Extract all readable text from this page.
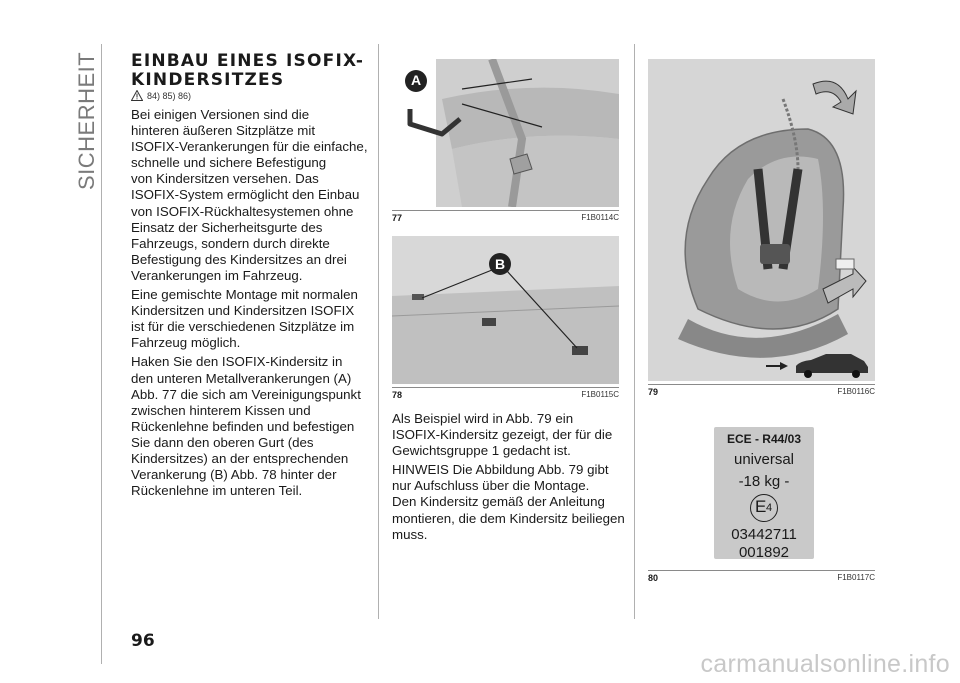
SICHERHEIT EINBAU EINES ISOFIX-
KINDERSITZES
84) 85) 86)

Bei einigen Versionen sind die
hinteren äußeren Sitzplätze mit
ISOFIX-Verankerungen für die einfache,
schnelle und sichere Befestigung
von Kindersitzen versehen. Das
ISOFIX-System ermöglicht den Einbau
von ISOFIX-Rückhaltesystemen ohne
Einsatz der Sicherheitsgurte des
Fahrzeugs, sondern durch direkte
Befestigung des Kindersitzes an drei
Verankerungen im Fahrzeug.

Eine gemischte Montage mit normalen
Kindersitzen und Kindersitzen ISOFIX
ist für die verschiedenen Sitzplätze im
Fahrzeug möglich.

Haken Sie den ISOFIX-Kindersitz in
den unteren Metallverankerungen (A)
Abb. 77 die sich am Vereinigungspunkt
zwischen hinterem Kissen und
Rückenlehne befinden und befestigen
Sie dann den oberen Gurt (des
Kindersitzes) an der entsprechenden
Verankerung (B) Abb. 78 hinter der
Rückenlehne im unteren Teil.

A
77	F1B0114C
B
78	F1B0115C

Als Beispiel wird in Abb. 79 ein
ISOFIX-Kindersitz gezeigt, der für die
Gewichtsgruppe 1 gedacht ist.

HINWEIS Die Abbildung Abb. 79 gibt
nur Aufschluss über die Montage.
Den Kindersitz gemäß der Anleitung
montieren, die dem Kindersitz beiliegen
muss.

79	F1B0116C
ECE - R44/03
universal
-18 kg -
E 4
03442711
001892
80	F1B0117C
96
carmanualsonline.info
